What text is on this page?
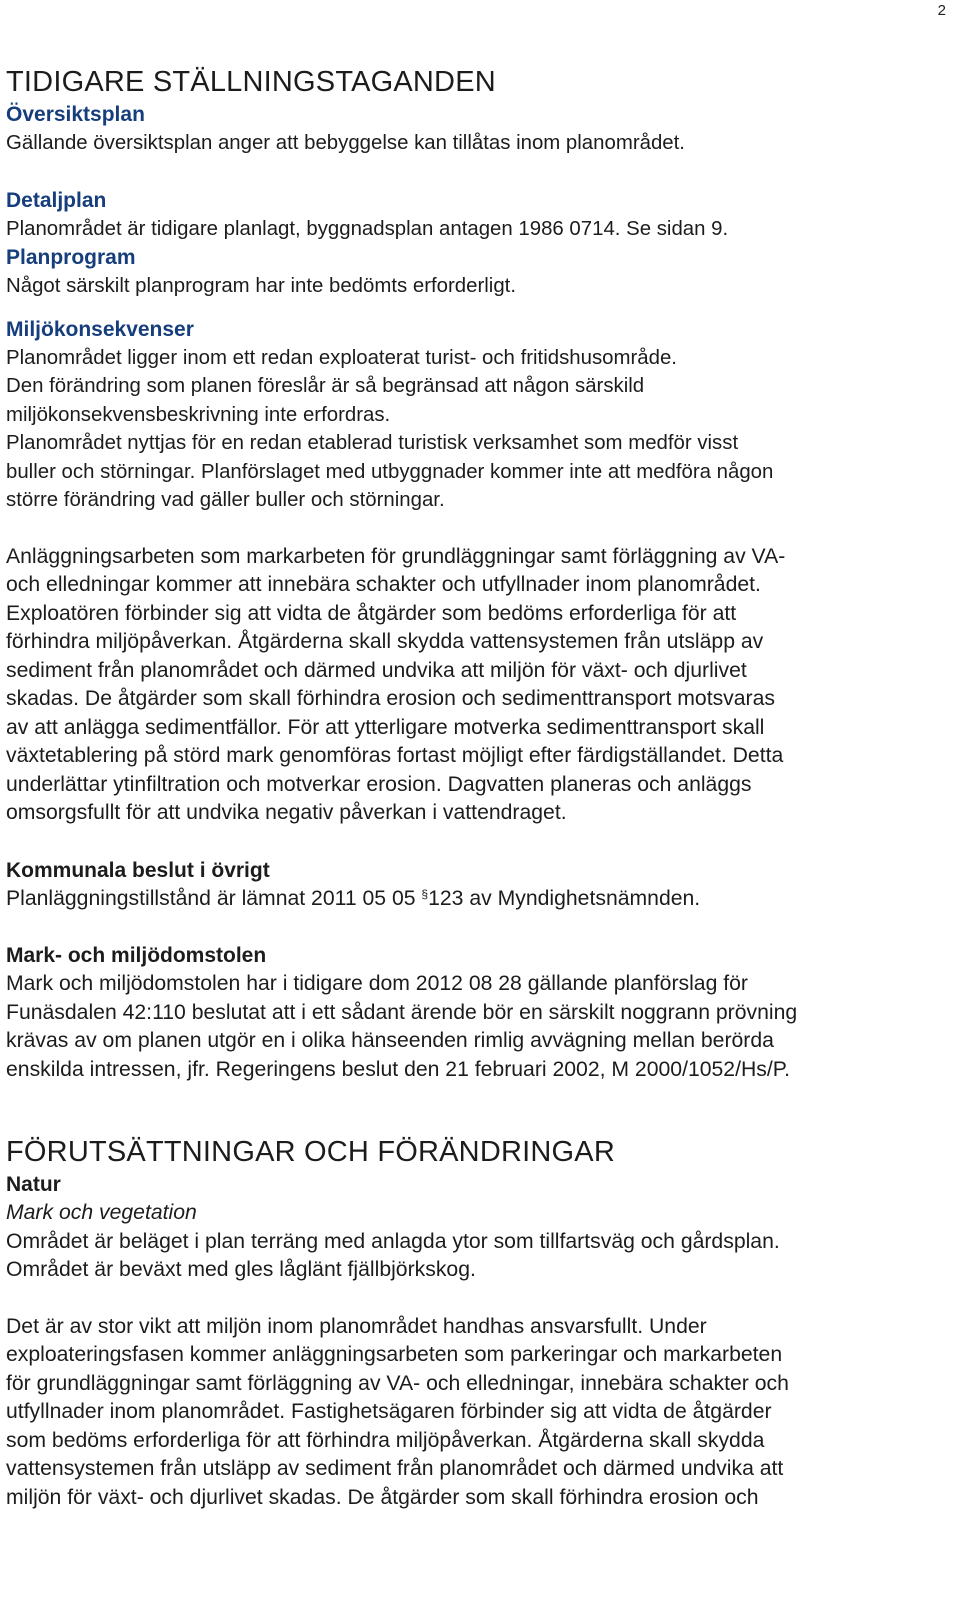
2
TIDIGARE STÄLLNINGSTAGANDEN
Översiktsplan
Gällande översiktsplan anger att bebyggelse kan tillåtas inom planområdet.
Detaljplan
Planområdet är tidigare planlagt, byggnadsplan antagen 1986 0714. Se sidan 9.
Planprogram
Något särskilt planprogram har inte bedömts erforderligt.
Miljökonsekvenser
Planområdet ligger inom ett redan exploaterat turist- och fritidshusområde.
Den förändring som planen föreslår är så begränsad att någon särskild
miljökonsekvensbeskrivning inte erfordras.
Planområdet nyttjas för en redan etablerad turistisk verksamhet som medför visst
buller och störningar. Planförslaget med utbyggnader kommer inte att medföra någon
större förändring vad gäller buller och störningar.
Anläggningsarbeten som markarbeten för grundläggningar samt förläggning av VA-
och elledningar kommer att innebära schakter och utfyllnader inom planområdet.
Exploatören förbinder sig att vidta de åtgärder som bedöms erforderliga för att
förhindra miljöpåverkan. Åtgärderna skall skydda vattensystemen från utsläpp av
sediment från planområdet och därmed undvika att miljön för växt- och djurlivet
skadas. De åtgärder som skall förhindra erosion och sedimenttransport motsvaras
av att anlägga sedimentfällor. För att ytterligare motverka sedimenttransport skall
växtetablering på störd mark genomföras fortast möjligt efter färdigställandet. Detta
underlättar ytinfiltration och motverkar erosion. Dagvatten planeras och anläggs
omsorgsfullt för att undvika negativ påverkan i vattendraget.
Kommunala beslut i övrigt
Planläggningstillstånd är lämnat 2011 05 05 §123 av Myndighetsnämnden.
Mark- och miljödomstolen
Mark och miljödomstolen har i tidigare dom 2012 08 28 gällande planförslag för
Funäsdalen 42:110 beslutat att i ett sådant ärende bör en särskilt noggrann prövning
krävas av om planen utgör en i olika hänseenden rimlig avvägning mellan berörda
enskilda intressen, jfr. Regeringens beslut den 21 februari 2002, M 2000/1052/Hs/P.
FÖRUTSÄTTNINGAR OCH FÖRÄNDRINGAR
Natur
Mark och vegetation
Området är beläget i plan terräng med anlagda ytor som tillfartsväg och gårdsplan.
Området är beväxt med gles låglänt fjällbjörkskog.
Det är av stor vikt att miljön inom planområdet handhas ansvarsfullt. Under
exploateringsfasen kommer anläggningsarbeten som parkeringar och markarbeten
för grundläggningar samt förläggning av VA- och elledningar, innebära schakter och
utfyllnader inom planområdet. Fastighetsägaren förbinder sig att vidta de åtgärder
som bedöms erforderliga för att förhindra miljöpåverkan. Åtgärderna skall skydda
vattensystemen från utsläpp av sediment från planområdet och därmed undvika att
miljön för växt- och djurlivet skadas. De åtgärder som skall förhindra erosion och
